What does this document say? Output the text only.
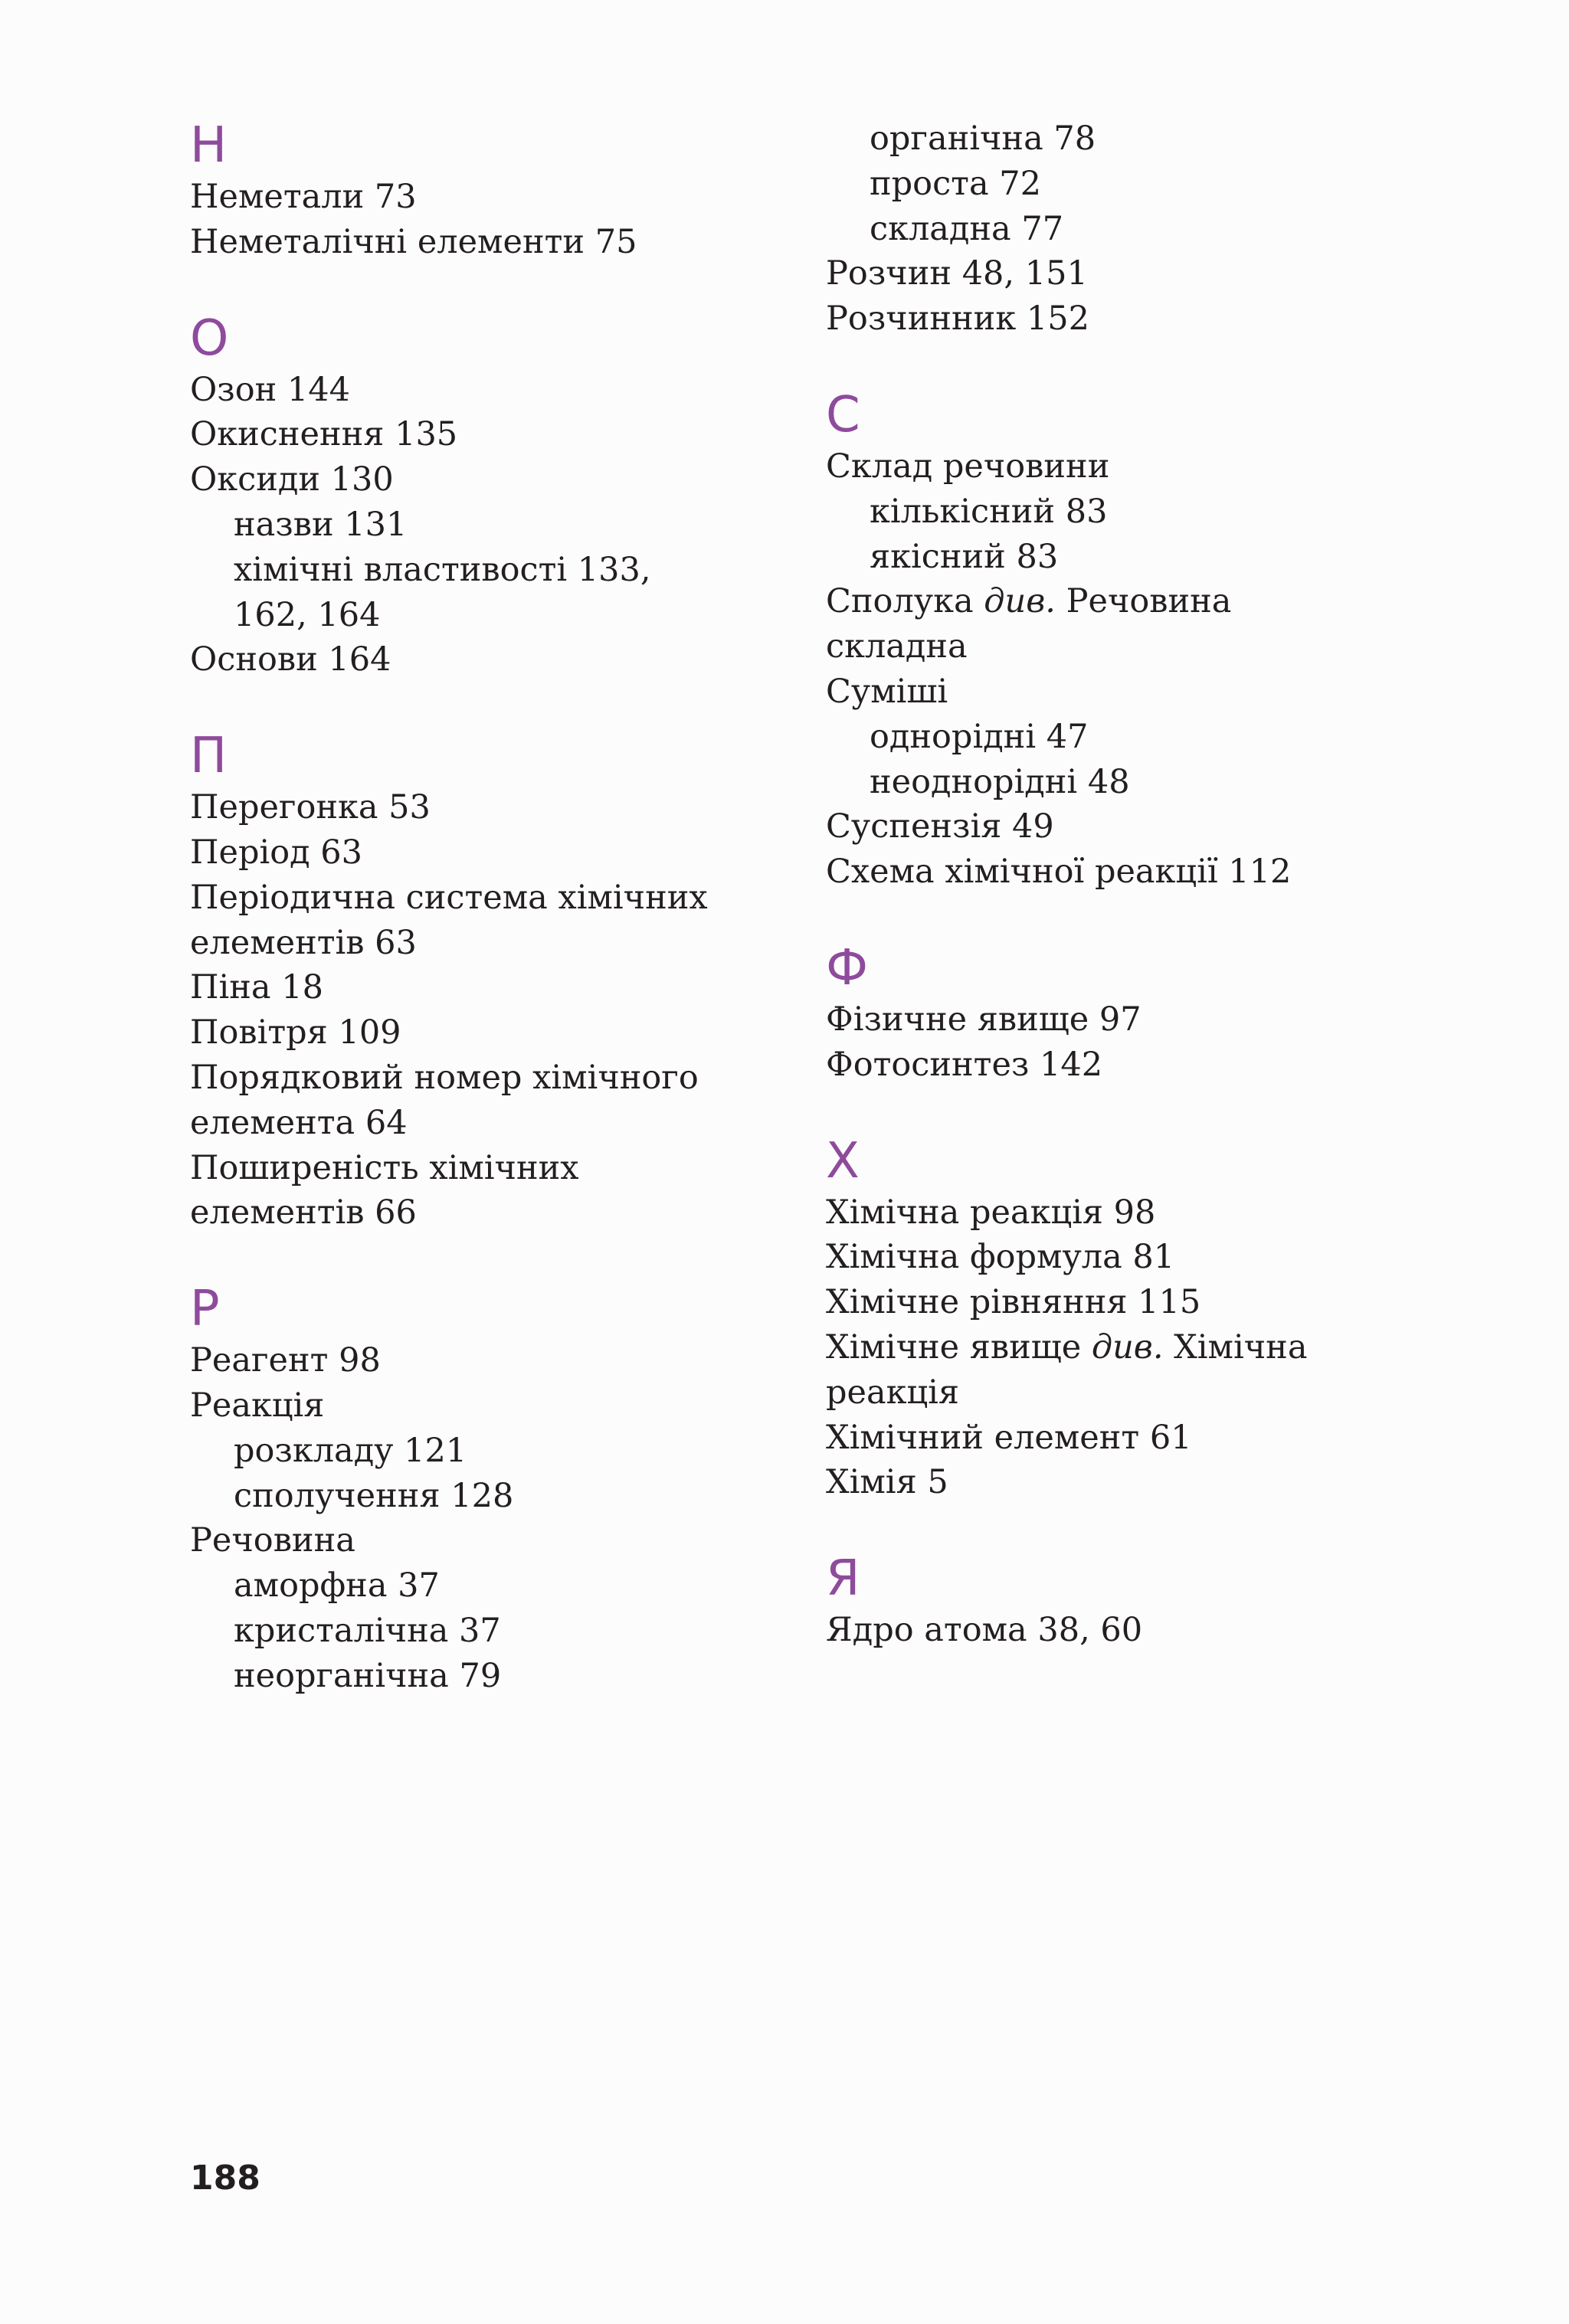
Н
Неметали 73
Неметалічні елементи 75
О
Озон 144
Окиснення 135
Оксиди 130
назви 131
хімічні властивості 133,
162, 164
Основи 164
П
Перегонка 53
Період 63
Періодична система хімічних
елементів 63
Піна 18
Повітря 109
Порядковий номер хімічного
елемента 64
Поширеність хімічних
елементів 66
Р
Реагент 98
Реакція
розкладу 121
сполучення 128
Речовина
аморфна 37
кристалічна 37
неорганічна 79
органічна 78
проста 72
складна 77
Розчин 48, 151
Розчинник 152
С
Склад речовини
кількісний 83
якісний 83
Сполука див. Речовина
складна
Суміші
однорідні 47
неоднорідні 48
Суспензія 49
Схема хімічної реакції 112
Ф
Фізичне явище 97
Фотосинтез 142
Х
Хімічна реакція 98
Хімічна формула 81
Хімічне рівняння 115
Хімічне явище див. Хімічна
реакція
Хімічний елемент 61
Хімія 5
Я
Ядро атома 38, 60
188
